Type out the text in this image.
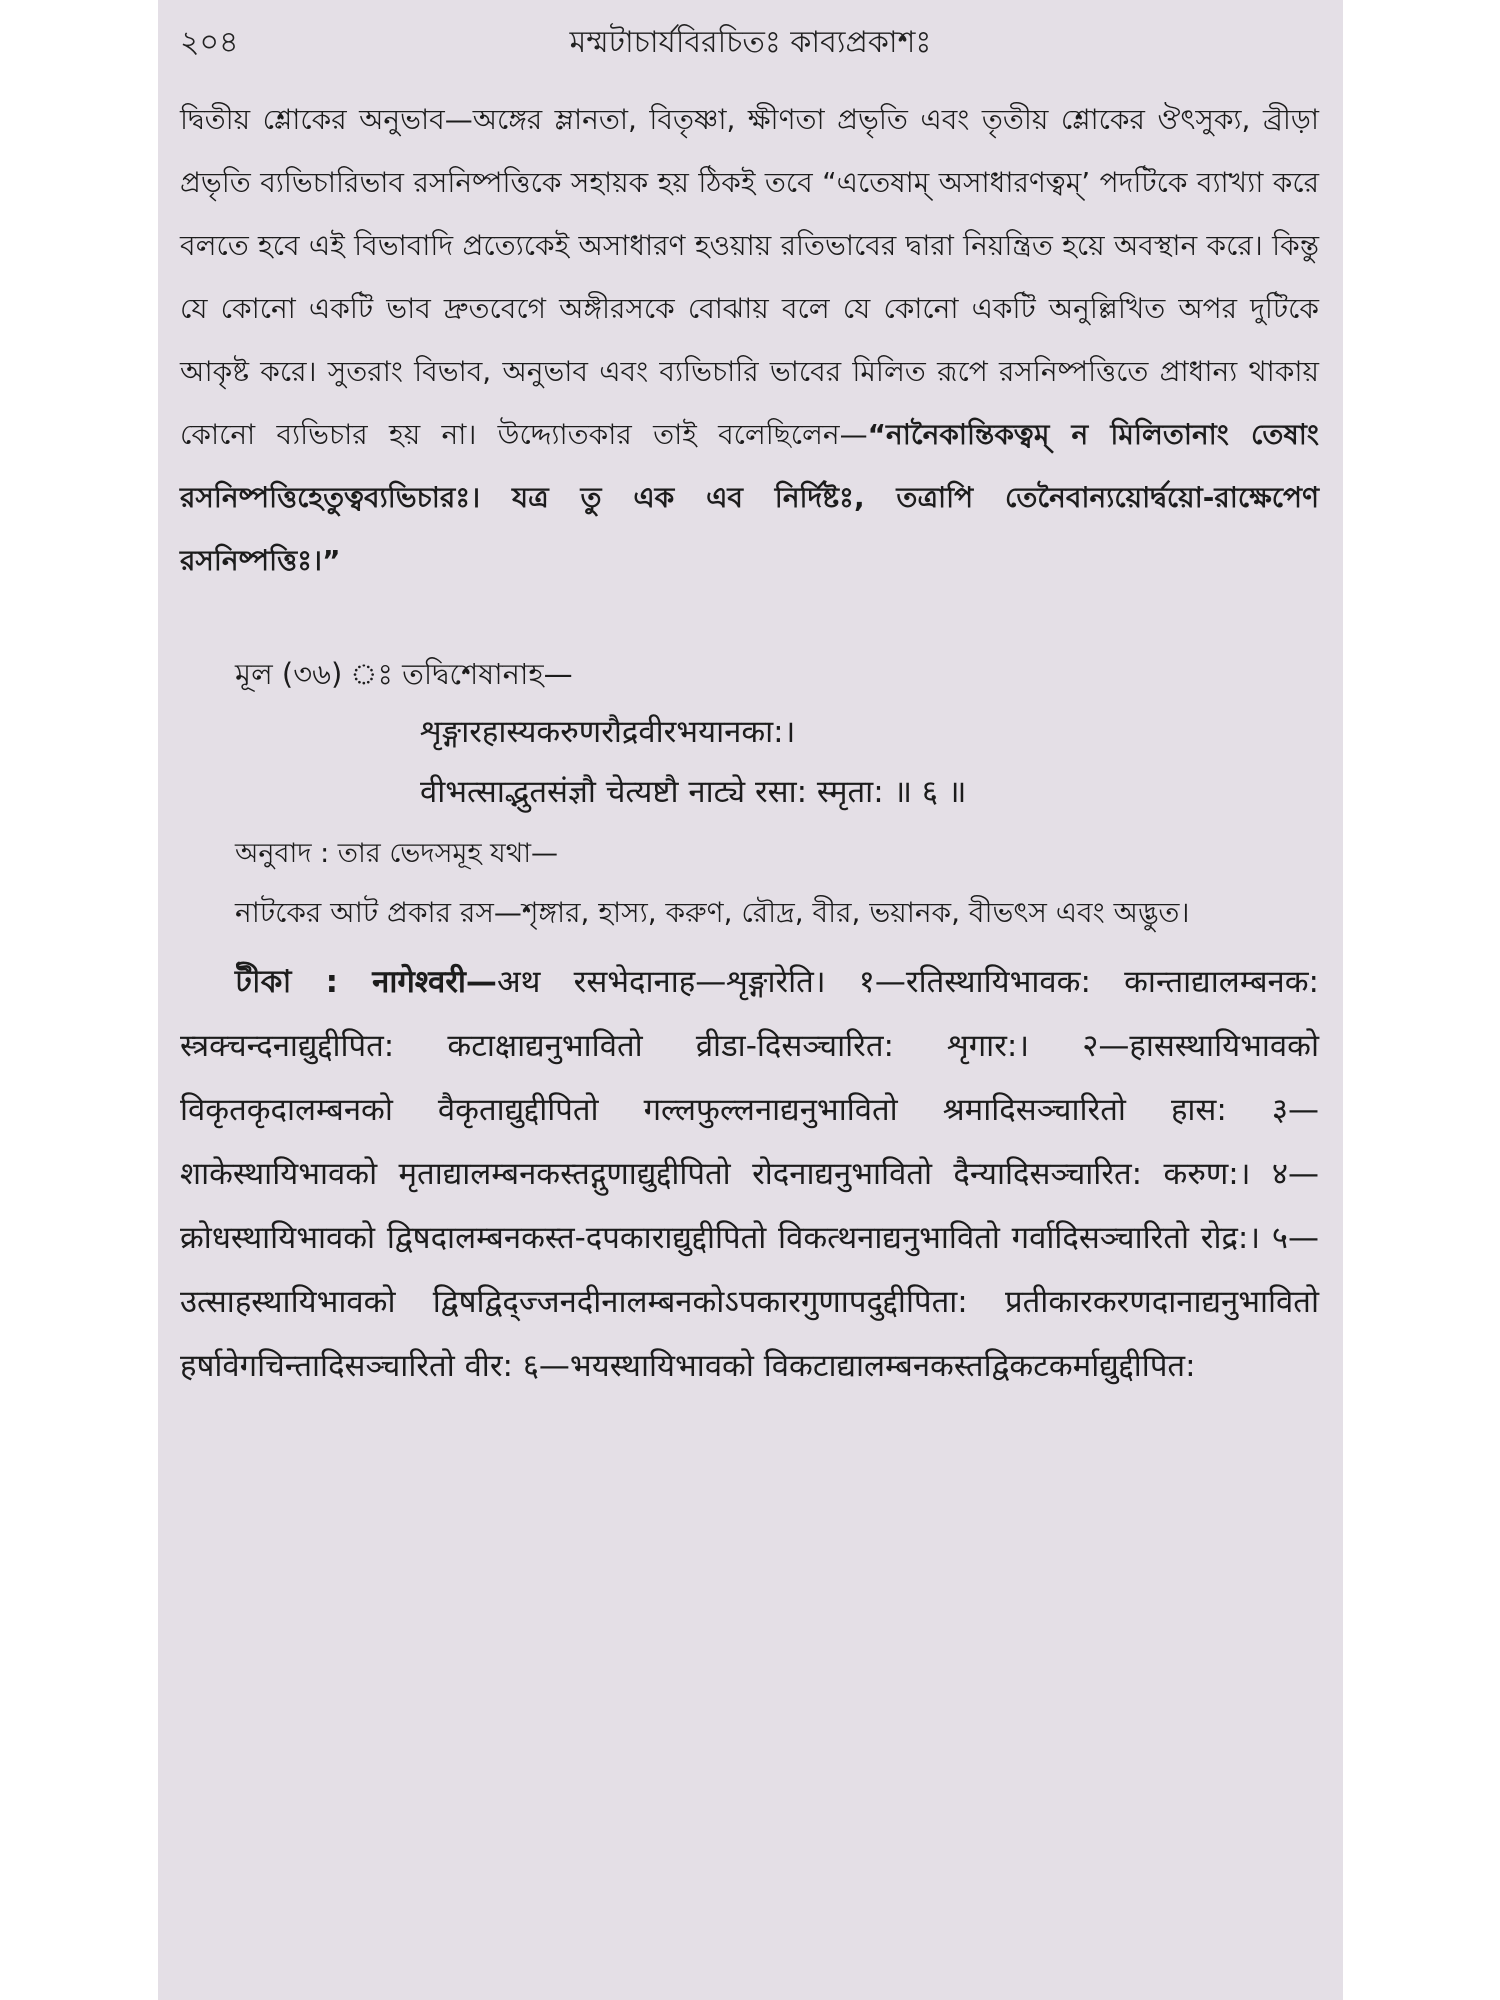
২০৪	মম্মটাচার্যবিরচিতঃ কাব্যপ্রকাশঃ

দ্বিতীয় শ্লোকের অনুভাব—অঙ্গের ম্লানতা, বিতৃষ্ণা, ক্ষীণতা প্রভৃতি এবং তৃতীয় শ্লোকের ঔৎসুক্য, ব্রীড়া প্রভৃতি ব্যভিচারিভাব রসনিষ্পত্তিকে সহায়ক হয় ঠিকই তবে “এতেষাম্ অসাধারণত্বম্’ পদটিকে ব্যাখ্যা করে বলতে হবে এই বিভাবাদি প্রত্যেকেই অসাধারণ হওয়ায় রতিভাবের দ্বারা নিয়ন্ত্রিত হয়ে অবস্থান করে। কিন্তু যে কোনো একটি ভাব দ্রুতবেগে অঙ্গীরসকে বোঝায় বলে যে কোনো একটি অনুল্লিখিত অপর দুটিকে আকৃষ্ট করে। সুতরাং বিভাব, অনুভাব এবং ব্যভিচারি ভাবের মিলিত রূপে রসনিষ্পত্তিতে প্রাধান্য থাকায় কোনো ব্যভিচার হয় না। উদ্দ্যোতকার তাই বলেছিলেন—“নানৈকান্তিকত্বম্ ন মিলিতানাং তেষাং রসনিষ্পত্তিহেতুত্বব্যভিচারঃ। যত্র তু এক এব নির্দিষ্টঃ, তত্রাপি তেনৈবান্যয়োর্দ্বয়ো-রাক্ষেপেণ রসনিষ্পত্তিঃ।”

মূল (৩৬) ঃ তদ্বিশেষানাহ—
शृङ्गारहास्यकरुणरौद्रवीरभयानका:।
वीभत्साद्भुतसंज्ञौ चेत्यष्टौ नाट्ये रसा: स्मृता: ॥ ६ ॥
অনুবাদ : তার ভেদসমূহ যথা—

নাটকের আট প্রকার রস—শৃঙ্গার, হাস্য, করুণ, রৌদ্র, বীর, ভয়ানক, বীভৎস এবং অদ্ভুত।

টীকা : नागेश्वरी—अथ रसभेदानाह—शृङ्गारेति। १—रतिस्थायिभावक: कान्ताद्यालम्बनक: स्त्रक्चन्दनाद्युद्दीपित: कटाक्षाद्यनुभावितो व्रीडा-दिसञ्चारित: शृगार:। २—हासस्थायिभावको विकृतकृदालम्बनको वैकृताद्युद्दीपितो गल्लफुल्लनाद्यनुभावितो श्रमादिसञ्चारितो हास: ३—शाकेस्थायिभावको मृताद्यालम्बनकस्तद्गुणाद्युद्दीपितो रोदनाद्यनुभावितो दैन्यादिसञ्चारित: करुण:। ४—क्रोधस्थायिभावको द्विषदालम्बनकस्त-दपकाराद्युद्दीपितो विकत्थनाद्यनुभावितो गर्वादिसञ्चारितो रोद्र:। ५—उत्साहस्थायिभावको द्विषद्विद्ज्जनदीनालम्बनकोऽपकारगुणापदुद्दीपिता: प्रतीकारकरणदानाद्यनुभावितो हर्षावेगचिन्तादिसञ्चारितो वीर: ६—भयस्थायिभावको विकटाद्यालम्बनकस्तद्विकटकर्माद्युद्दीपित:
